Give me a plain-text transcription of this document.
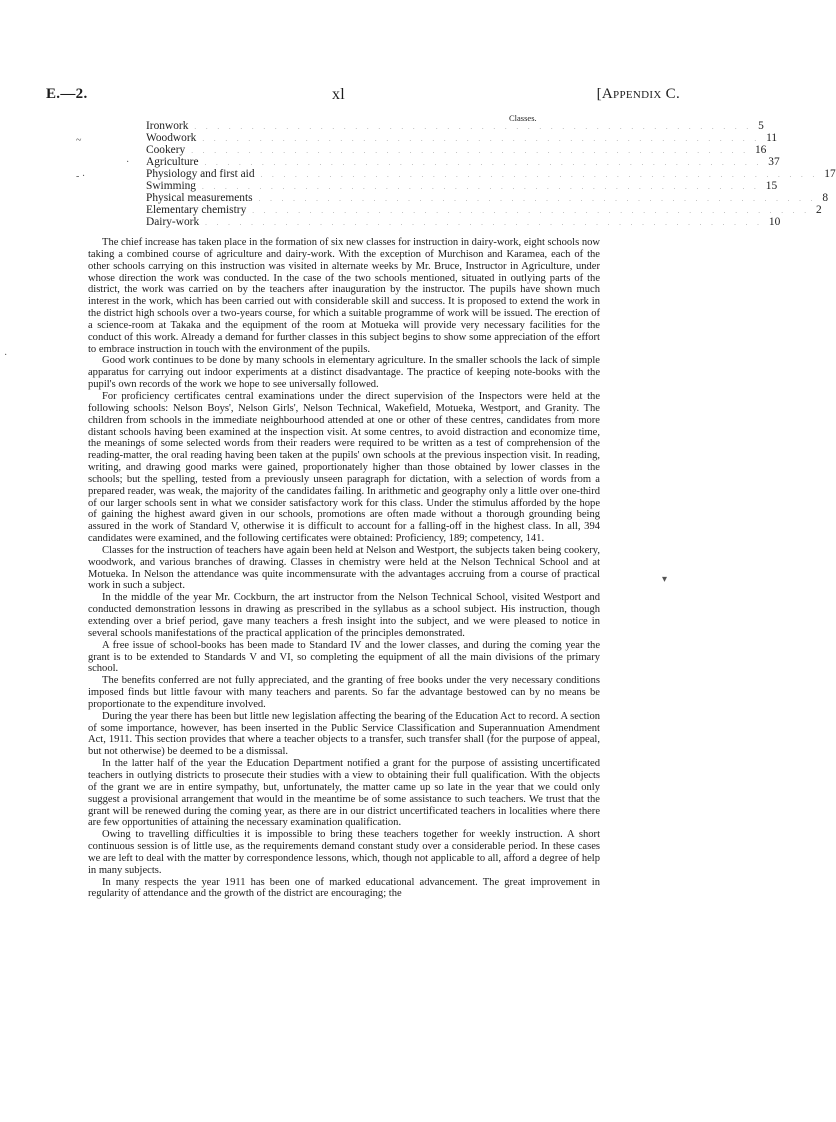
E.—2.	xl	[Appendix C.
Classes.
Ironwork . . . . . . . . . . . . . . . . . . . . . . . . . . . . . . . . . . . . . . . . . . . . . . . . . 5
Woodwork . . . . . . . . . . . . . . . . . . . . . . . . . . . . . . . . . . . . . . . . . . . . . . . . . 11
Cookery . . . . . . . . . . . . . . . . . . . . . . . . . . . . . . . . . . . . . . . . . . . . . . . . . 16
Agriculture . . . . . . . . . . . . . . . . . . . . . . . . . . . . . . . . . . . . . . . . . . . . . . . . . 37
Physiology and first aid . . . . . . . . . . . . . . . . . . . . . . . . . . . . . . . . . . . . . . . . . . . . . . . . . 17
Swimming . . . . . . . . . . . . . . . . . . . . . . . . . . . . . . . . . . . . . . . . . . . . . . . . . 15
Physical measurements . . . . . . . . . . . . . . . . . . . . . . . . . . . . . . . . . . . . . . . . . . . . . . . . . 8
Elementary chemistry . . . . . . . . . . . . . . . . . . . . . . . . . . . . . . . . . . . . . . . . . . . . . . . . . 2
Dairy-work . . . . . . . . . . . . . . . . . . . . . . . . . . . . . . . . . . . . . . . . . . . . . . . . . 10

The chief increase has taken place in the formation of six new classes for instruction in dairy-work, eight schools now taking a combined course of agriculture and dairy-work. With the exception of Murchison and Karamea, each of the other schools carrying on this instruction was visited in alternate weeks by Mr. Bruce, Instructor in Agriculture, under whose direction the work was conducted. In the case of the two schools mentioned, situated in outlying parts of the district, the work was carried on by the teachers after inauguration by the instructor. The pupils have shown much interest in the work, which has been carried out with considerable skill and success. It is proposed to extend the work in the district high schools over a two-years course, for which a suitable programme of work will be issued. The erection of a science-room at Takaka and the equipment of the room at Motueka will provide very necessary facilities for the conduct of this work. Already a demand for further classes in this subject begins to show some appreciation of the effort to embrace instruction in touch with the environment of the pupils.

Good work continues to be done by many schools in elementary agriculture. In the smaller schools the lack of simple apparatus for carrying out indoor experiments at a distinct disadvantage. The practice of keeping note-books with the pupil's own records of the work we hope to see universally followed.

For proficiency certificates central examinations under the direct supervision of the Inspectors were held at the following schools: Nelson Boys', Nelson Girls', Nelson Technical, Wakefield, Motueka, Westport, and Granity. The children from schools in the immediate neighbourhood attended at one or other of these centres, candidates from more distant schools having been examined at the inspection visit. At some centres, to avoid distraction and economize time, the meanings of some selected words from their readers were required to be written as a test of comprehension of the reading-matter, the oral reading having been taken at the pupils' own schools at the previous inspection visit. In reading, writing, and drawing good marks were gained, proportionately higher than those obtained by lower classes in the schools; but the spelling, tested from a previously unseen paragraph for dictation, with a selection of words from a prepared reader, was weak, the majority of the candidates failing. In arithmetic and geography only a little over one-third of our larger schools sent in what we consider satisfactory work for this class. Under the stimulus afforded by the hope of gaining the highest award given in our schools, promotions are often made without a thorough grounding being assured in the work of Standard V, otherwise it is difficult to account for a falling-off in the highest class. In all, 394 candidates were examined, and the following certificates were obtained: Proficiency, 189; competency, 141.

Classes for the instruction of teachers have again been held at Nelson and Westport, the subjects taken being cookery, woodwork, and various branches of drawing. Classes in chemistry were held at the Nelson Technical School and at Motueka. In Nelson the attendance was quite incommensurate with the advantages accruing from a course of practical work in such a subject.

In the middle of the year Mr. Cockburn, the art instructor from the Nelson Technical School, visited Westport and conducted demonstration lessons in drawing as prescribed in the syllabus as a school subject. His instruction, though extending over a brief period, gave many teachers a fresh insight into the subject, and we were pleased to notice in several schools manifestations of the practical application of the principles demonstrated.

A free issue of school-books has been made to Standard IV and the lower classes, and during the coming year the grant is to be extended to Standards V and VI, so completing the equipment of all the main divisions of the primary school.

The benefits conferred are not fully appreciated, and the granting of free books under the very necessary conditions imposed finds but little favour with many teachers and parents. So far the advantage bestowed can by no means be proportionate to the expenditure involved.

During the year there has been but little new legislation affecting the bearing of the Education Act to record. A section of some importance, however, has been inserted in the Public Service Classification and Superannuation Amendment Act, 1911. This section provides that where a teacher objects to a transfer, such transfer shall (for the purpose of appeal, but not otherwise) be deemed to be a dismissal.

In the latter half of the year the Education Department notified a grant for the purpose of assisting uncertificated teachers in outlying districts to prosecute their studies with a view to obtaining their full qualification. With the objects of the grant we are in entire sympathy, but, unfortunately, the matter came up so late in the year that we could only suggest a provisional arrangement that would in the meantime be of some assistance to such teachers. We trust that the grant will be renewed during the coming year, as there are in our district uncertificated teachers in localities where there are few opportunities of attaining the necessary examination qualification.

Owing to travelling difficulties it is impossible to bring these teachers together for weekly instruction. A short continuous session is of little use, as the requirements demand constant study over a considerable period. In these cases we are left to deal with the matter by correspondence lessons, which, though not applicable to all, afford a degree of help in many subjects.

In many respects the year 1911 has been one of marked educational advancement. The great improvement in regularity of attendance and the growth of the district are encouraging; the

~
·
- ·
·
▾
